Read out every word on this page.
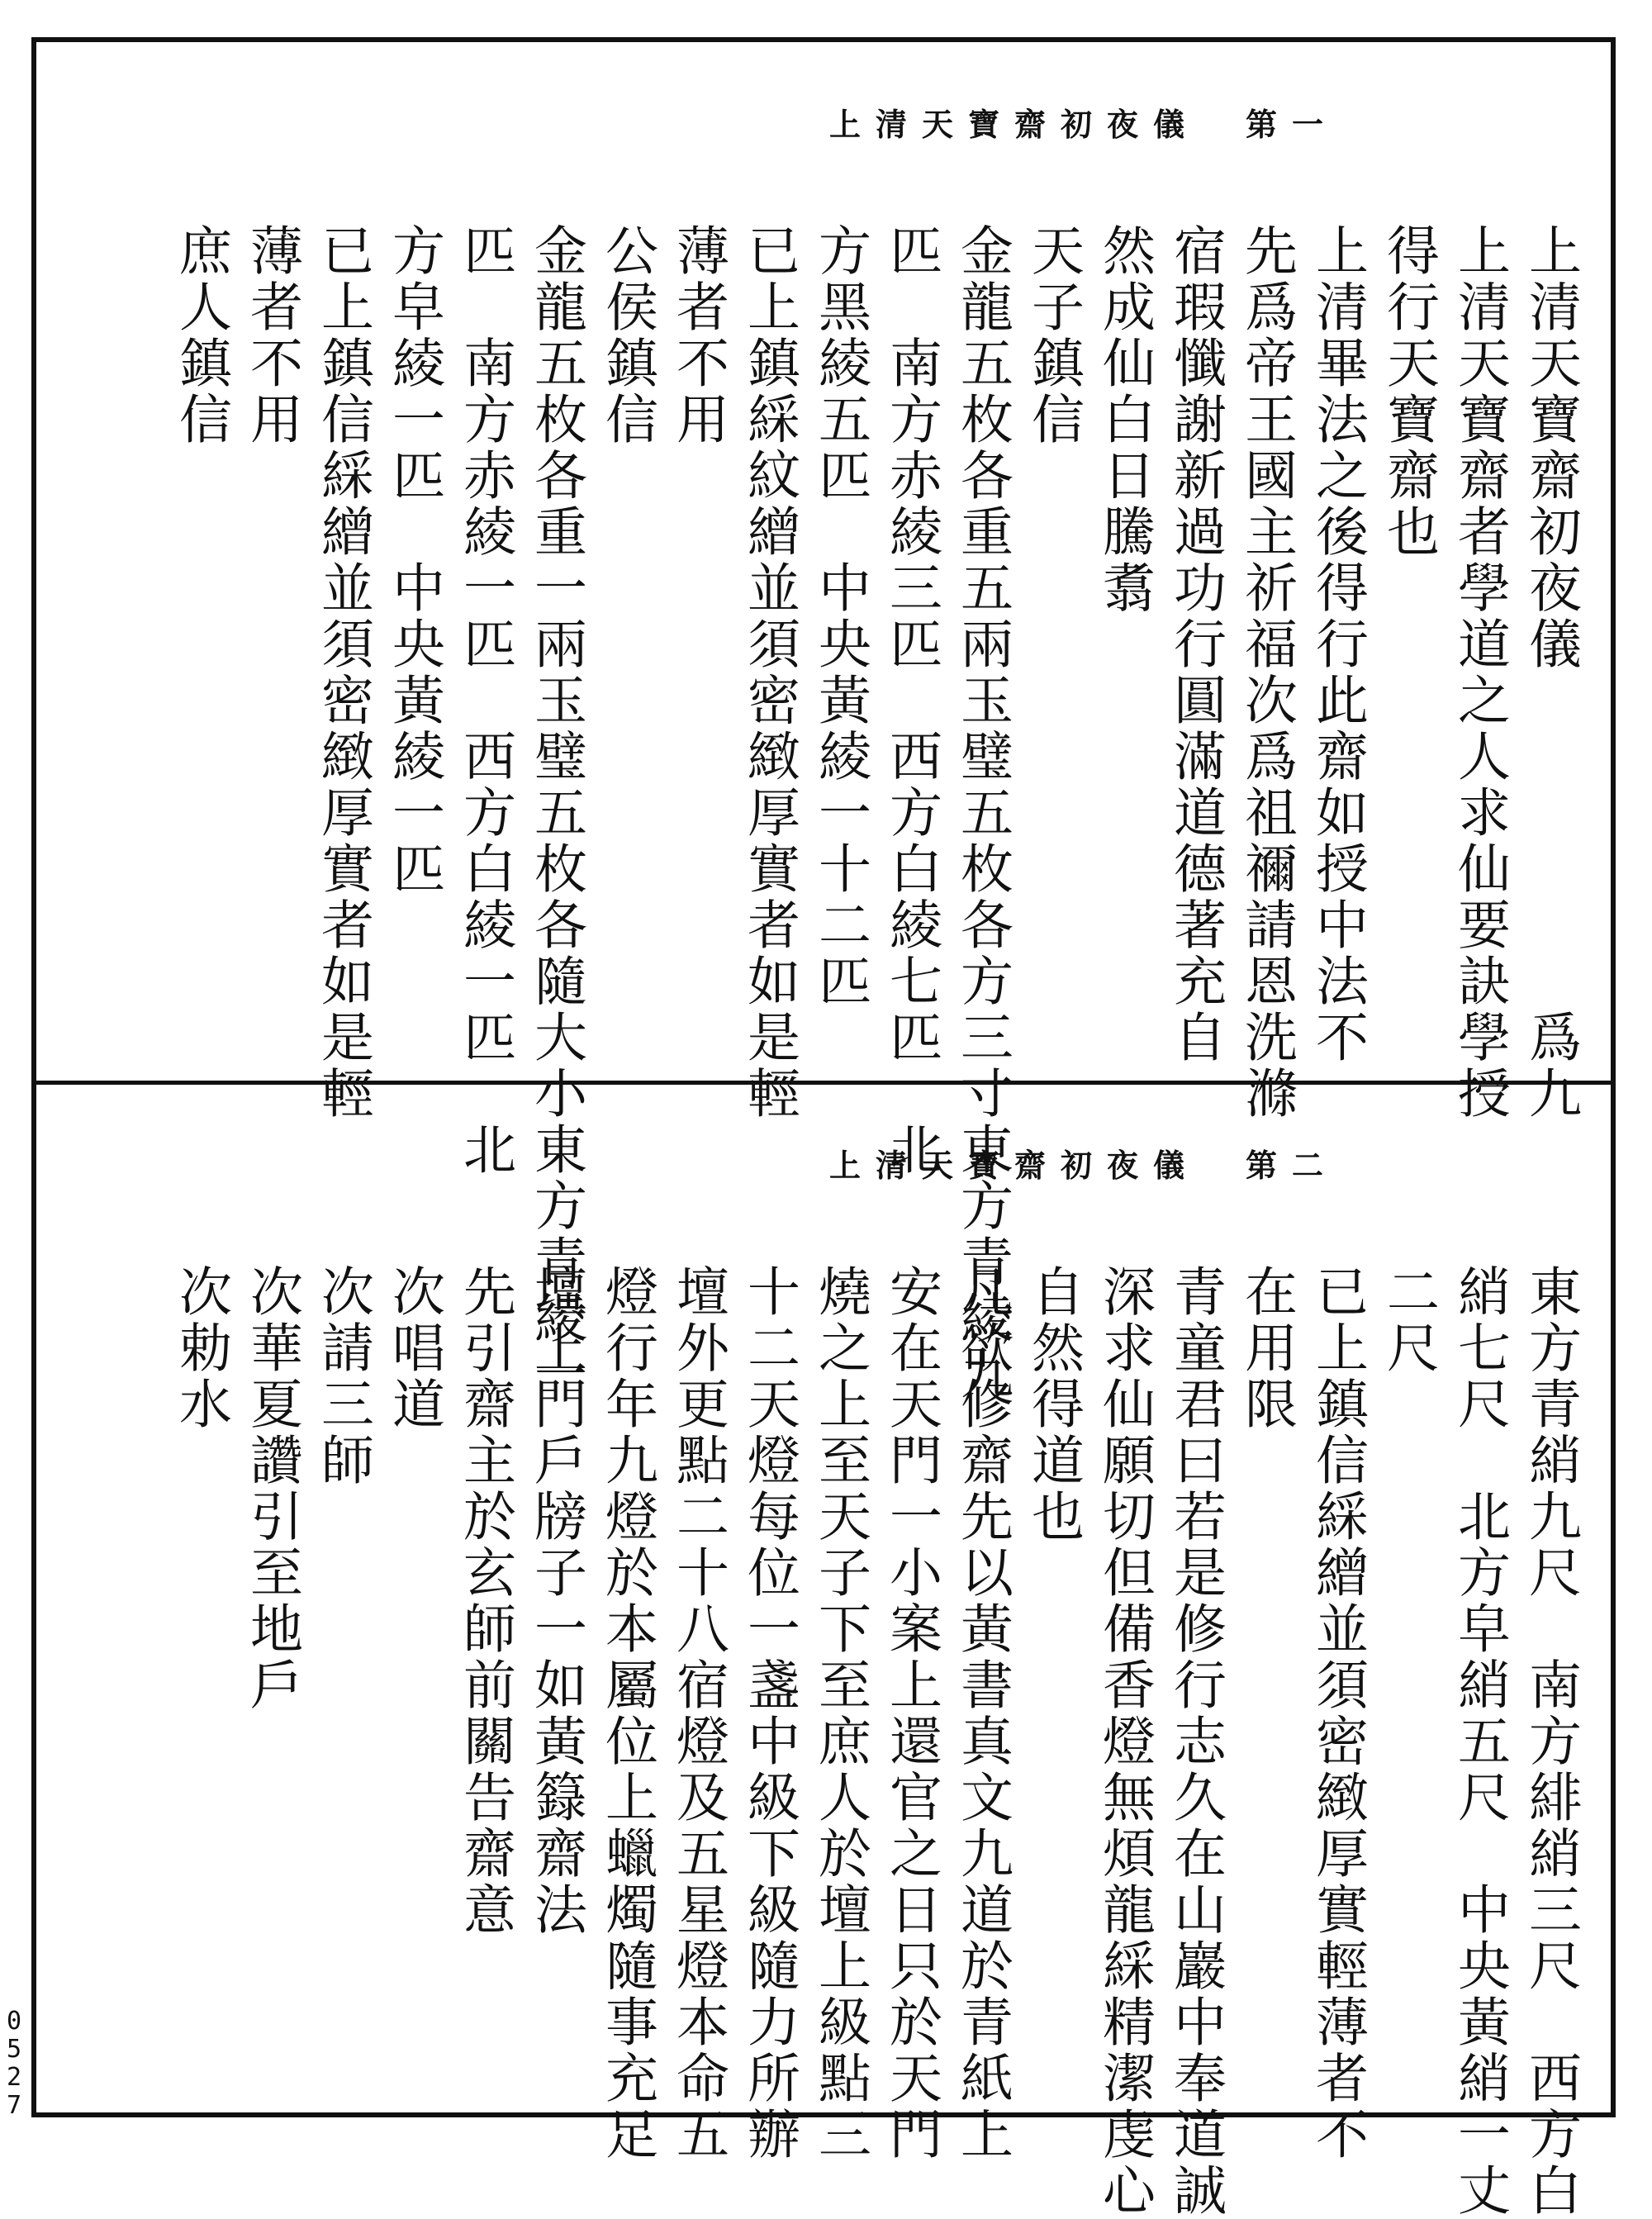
上清天寶齋初夜儀　第一
上清天寶齋初夜儀　　　　　　爲九
上清天寶齋者學道之人求仙要訣學授
得行天寶齋也
上清畢法之後得行此齋如授中法不
先爲帝王國主祈福次爲祖禰請恩洗滌
宿瑕懺謝新過功行圓滿道德著充自
然成仙白日騰翥
天子鎮信
金龍五枚各重五兩玉璧五枚各方三寸東方青綾九
匹　南方赤綾三匹　西方白綾七匹　北
方黑綾五匹　中央黃綾一十二匹
已上鎮綵紋繒並須密緻厚實者如是輕
薄者不用
公侯鎮信
金龍五枚各重一兩玉璧五枚各隨大小東方青綾一
匹　南方赤綾一匹　西方白綾一匹　北
方皁綾一匹　中央黃綾一匹
已上鎮信綵繒並須密緻厚實者如是輕
薄者不用
庶人鎮信
上清天寶齋初夜儀　第二
東方青綃九尺　南方緋綃三尺　西方白
綃七尺　北方皁綃五尺　中央黃綃一丈
二尺
已上鎮信綵繒並須密緻厚實輕薄者不
在用限
青童君曰若是修行志久在山巖中奉道誠
深求仙願切但備香燈無煩龍綵精潔虔心
自然得道也
凡欲修齋先以黃書真文九道於青紙上
安在天門一小案上還官之日只於天門
燒之上至天子下至庶人於壇上級點三
十二天燈每位一盞中級下級隨力所辦
壇外更點二十八宿燈及五星燈本命五
燈行年九燈於本屬位上蠟燭隨事充足
壇上門戶牓子一如黃籙齋法
先引齋主於玄師前關告齋意
次唱道
次請三師
次華夏讚引至地戶
次勅水
0
5
2
7
